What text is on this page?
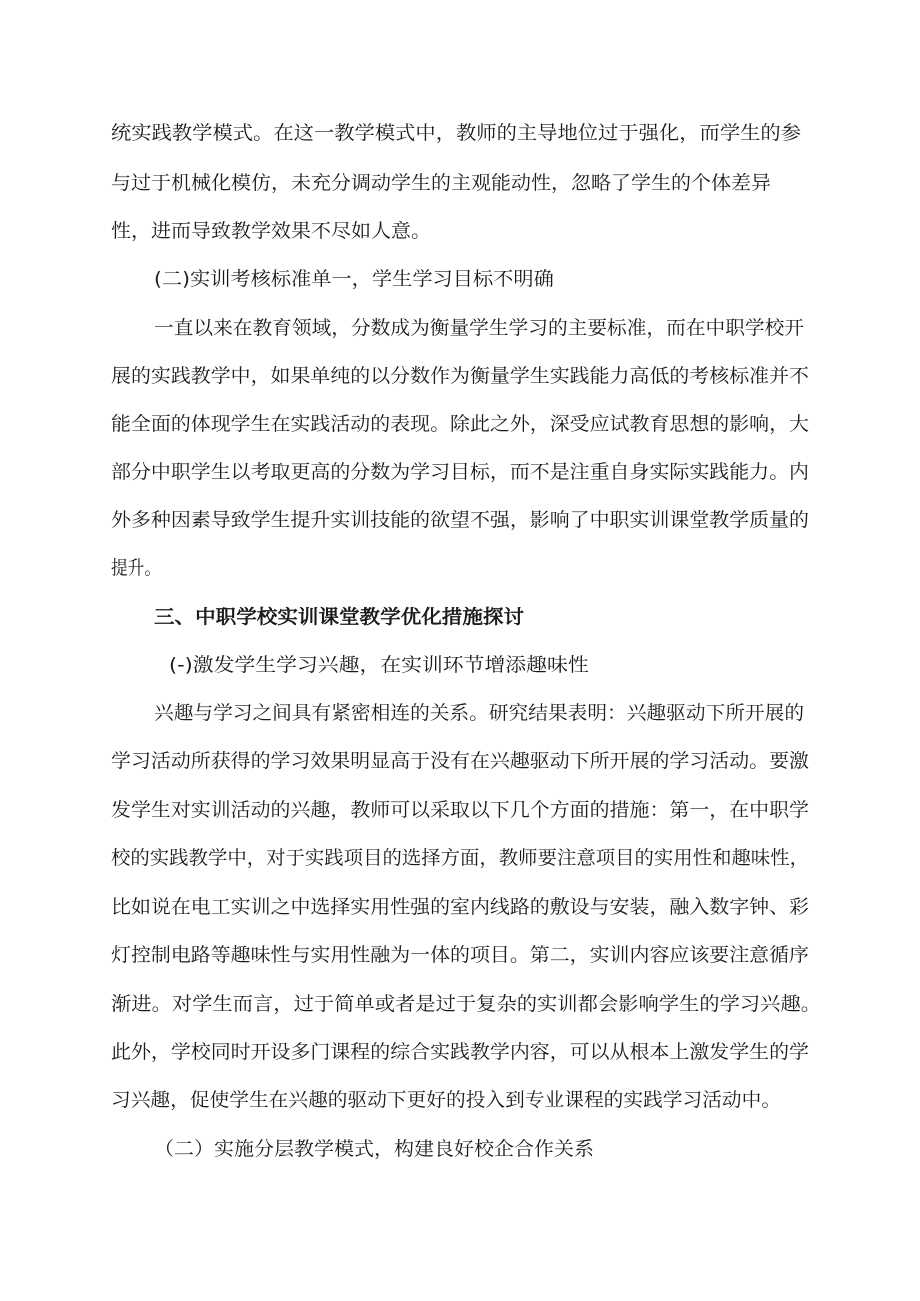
统实践教学模式。在这一教学模式中，教师的主导地位过于强化，而学生的参
与过于机械化模仿，未充分调动学生的主观能动性，忽略了学生的个体差异
性，进而导致教学效果不尽如人意。
(二)实训考核标准单一，学生学习目标不明确
一直以来在教育领域，分数成为衡量学生学习的主要标准，而在中职学校开
展的实践教学中，如果单纯的以分数作为衡量学生实践能力高低的考核标准并不
能全面的体现学生在实践活动的表现。除此之外，深受应试教育思想的影响，大
部分中职学生以考取更高的分数为学习目标，而不是注重自身实际实践能力。内
外多种因素导致学生提升实训技能的欲望不强，影响了中职实训课堂教学质量的
提升。
三、中职学校实训课堂教学优化措施探讨
(-)激发学生学习兴趣，在实训环节增添趣味性
兴趣与学习之间具有紧密相连的关系。研究结果表明：兴趣驱动下所开展的
学习活动所获得的学习效果明显高于没有在兴趣驱动下所开展的学习活动。要激
发学生对实训活动的兴趣，教师可以采取以下几个方面的措施：第一，在中职学
校的实践教学中，对于实践项目的选择方面，教师要注意项目的实用性和趣味性，
比如说在电工实训之中选择实用性强的室内线路的敷设与安装，融入数字钟、彩
灯控制电路等趣味性与实用性融为一体的项目。第二，实训内容应该要注意循序
渐进。对学生而言，过于简单或者是过于复杂的实训都会影响学生的学习兴趣。
此外，学校同时开设多门课程的综合实践教学内容，可以从根本上激发学生的学
习兴趣，促使学生在兴趣的驱动下更好的投入到专业课程的实践学习活动中。
（二）实施分层教学模式，构建良好校企合作关系
